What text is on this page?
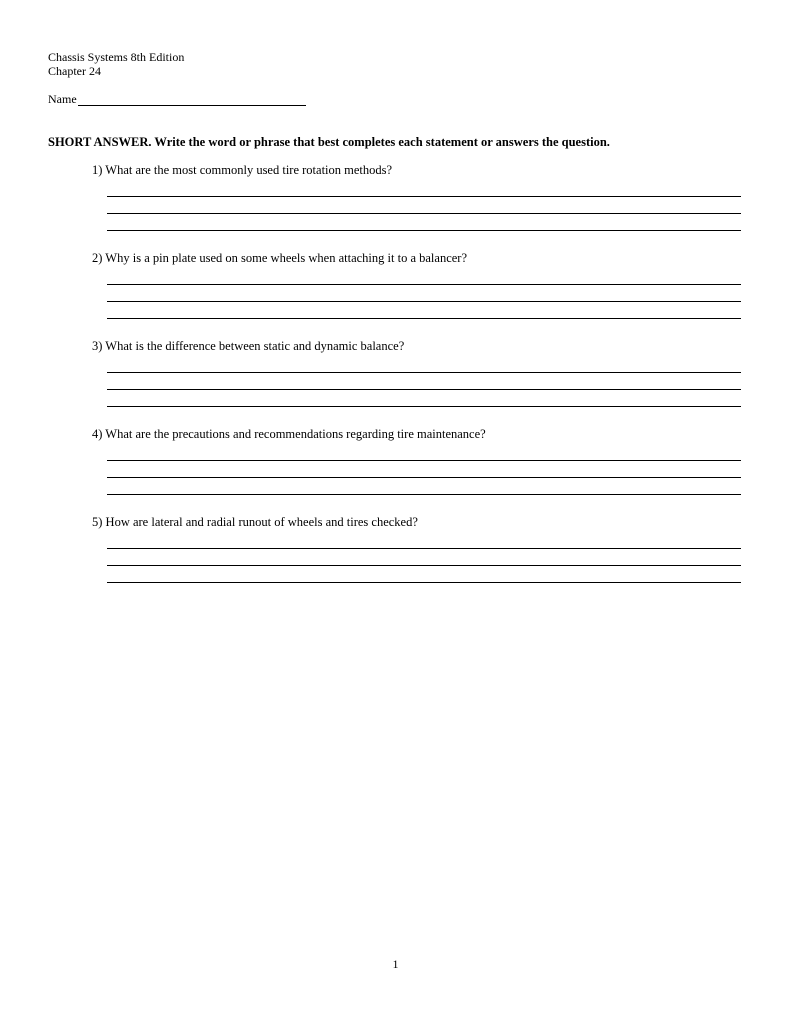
Chassis Systems 8th Edition
Chapter 24
Name
SHORT ANSWER. Write the word or phrase that best completes each statement or answers the question.
1) What are the most commonly used tire rotation methods?
2) Why is a pin plate used on some wheels when attaching it to a balancer?
3) What is the difference between static and dynamic balance?
4) What are the precautions and recommendations regarding tire maintenance?
5) How are lateral and radial runout of wheels and tires checked?
1
